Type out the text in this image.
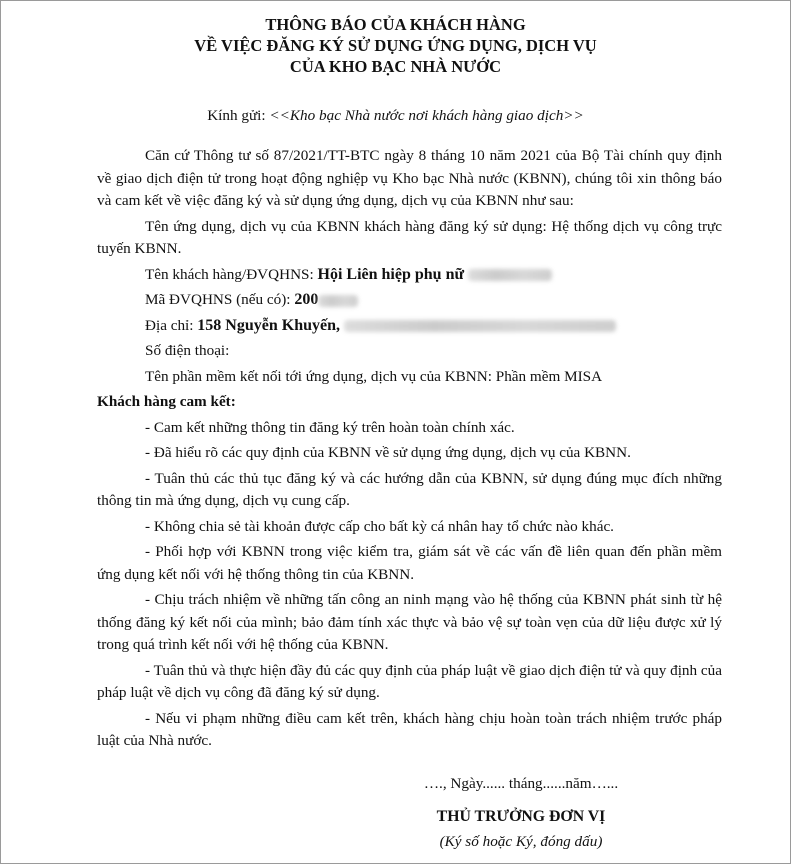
THÔNG BÁO CỦA KHÁCH HÀNG
VỀ VIỆC ĐĂNG KÝ SỬ DỤNG ỨNG DỤNG, DỊCH VỤ
CỦA KHO BẠC NHÀ NƯỚC
Kính gửi: <<Kho bạc Nhà nước nơi khách hàng giao dịch>>

Căn cứ Thông tư số 87/2021/TT-BTC ngày 8 tháng 10 năm 2021 của Bộ Tài chính quy định về giao dịch điện tử trong hoạt động nghiệp vụ Kho bạc Nhà nước (KBNN), chúng tôi xin thông báo và cam kết về việc đăng ký và sử dụng ứng dụng, dịch vụ của KBNN như sau:

Tên ứng dụng, dịch vụ của KBNN khách hàng đăng ký sử dụng: Hệ thống dịch vụ công trực tuyến KBNN.

Tên khách hàng/ĐVQHNS: Hội Liên hiệp phụ nữ
Mã ĐVQHNS (nếu có): 200
Địa chỉ: 158 Nguyễn Khuyến,
Số điện thoại:
Tên phần mềm kết nối tới ứng dụng, dịch vụ của KBNN: Phần mềm MISA
Khách hàng cam kết:

- Cam kết những thông tin đăng ký trên hoàn toàn chính xác.

- Đã hiểu rõ các quy định của KBNN về sử dụng ứng dụng, dịch vụ của KBNN.

- Tuân thủ các thủ tục đăng ký và các hướng dẫn của KBNN, sử dụng đúng mục đích những thông tin mà ứng dụng, dịch vụ cung cấp.

- Không chia sẻ tài khoản được cấp cho bất kỳ cá nhân hay tổ chức nào khác.

- Phối hợp với KBNN trong việc kiểm tra, giám sát về các vấn đề liên quan đến phần mềm ứng dụng kết nối với hệ thống thông tin của KBNN.

- Chịu trách nhiệm về những tấn công an ninh mạng vào hệ thống của KBNN phát sinh từ hệ thống đăng ký kết nối của mình; bảo đảm tính xác thực và bảo vệ sự toàn vẹn của dữ liệu được xử lý trong quá trình kết nối với hệ thống của KBNN.

- Tuân thủ và thực hiện đầy đủ các quy định của pháp luật về giao dịch điện tử và quy định của pháp luật về dịch vụ công đã đăng ký sử dụng.

- Nếu vi phạm những điều cam kết trên, khách hàng chịu hoàn toàn trách nhiệm trước pháp luật của Nhà nước.

…., Ngày...... tháng......năm…...
THỦ TRƯỞNG ĐƠN VỊ
(Ký số hoặc Ký, đóng dấu)
